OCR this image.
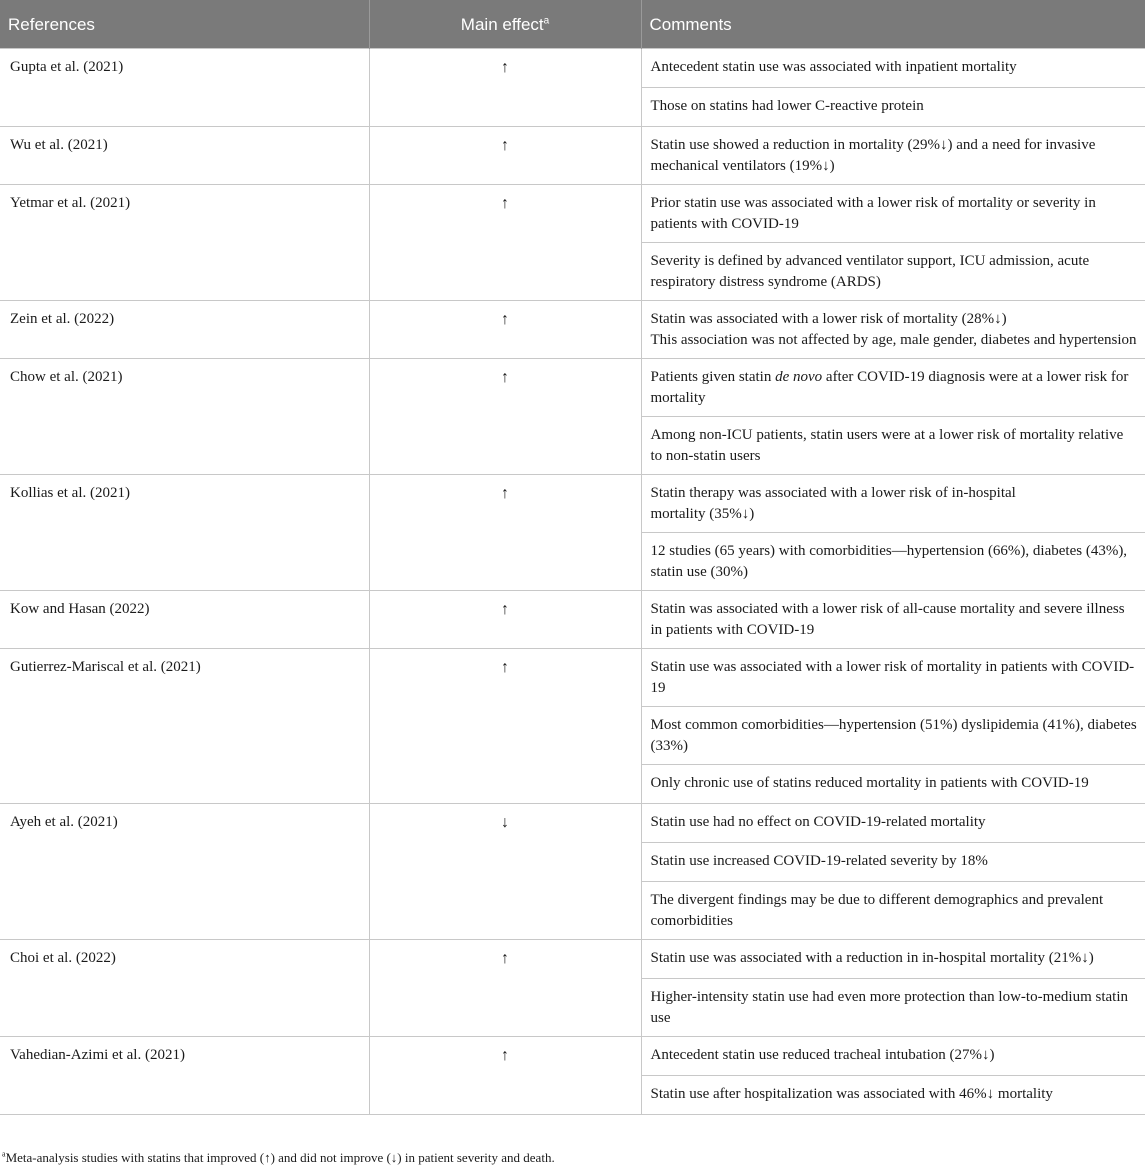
References	Main effect$^a$	Comments
Gupta et al. (2021)	↑	Antecedent statin use was associated with inpatient mortality
		Those on statins had lower C-reactive protein
Wu et al. (2021)	↑	Statin use showed a reduction in mortality (29%↓) and a need for invasive mechanical ventilators (19%↓)
Yetmar et al. (2021)	↑	Prior statin use was associated with a lower risk of mortality or severity in patients with COVID-19
		Severity is defined by advanced ventilator support, ICU admission, acute respiratory distress syndrome (ARDS)
Zein et al. (2022)	↑	Statin was associated with a lower risk of mortality (28%↓)
This association was not affected by age, male gender, diabetes and hypertension

Chow et al. (2021)	↑	Patients given statin de novo after COVID-19 diagnosis were at a lower risk for mortality
		Among non-ICU patients, statin users were at a lower risk of mortality relative to non-statin users
Kollias et al. (2021)	↑	Statin therapy was associated with a lower risk of in-hospital mortality (35%↓)
		12 studies (65 years) with comorbidities—hypertension (66%), diabetes (43%), statin use (30%)
Kow and Hasan (2022)	↑	Statin was associated with a lower risk of all-cause mortality and severe illness in patients with COVID-19
Gutierrez-Mariscal et al. (2021)	↑	Statin use was associated with a lower risk of mortality in patients with COVID-19
		Most common comorbidities—hypertension (51%) dyslipidemia (41%), diabetes (33%)
		Only chronic use of statins reduced mortality in patients with COVID-19
Ayeh et al. (2021)	↓	Statin use had no effect on COVID-19-related mortality
		Statin use increased COVID-19-related severity by 18%
		The divergent findings may be due to different demographics and prevalent comorbidities
Choi et al. (2022)	↑	Statin use was associated with a reduction in in-hospital mortality (21%↓)
		Higher-intensity statin use had even more protection than low-to-medium statin use
Vahedian-Azimi et al. (2021)	↑	Antecedent statin use reduced tracheal intubation (27%↓)
		Statin use after hospitalization was associated with 46%↓ mortality
$^a$Meta-analysis studies with statins that improved (↑) and did not improve (↓) in patient severity and death.
